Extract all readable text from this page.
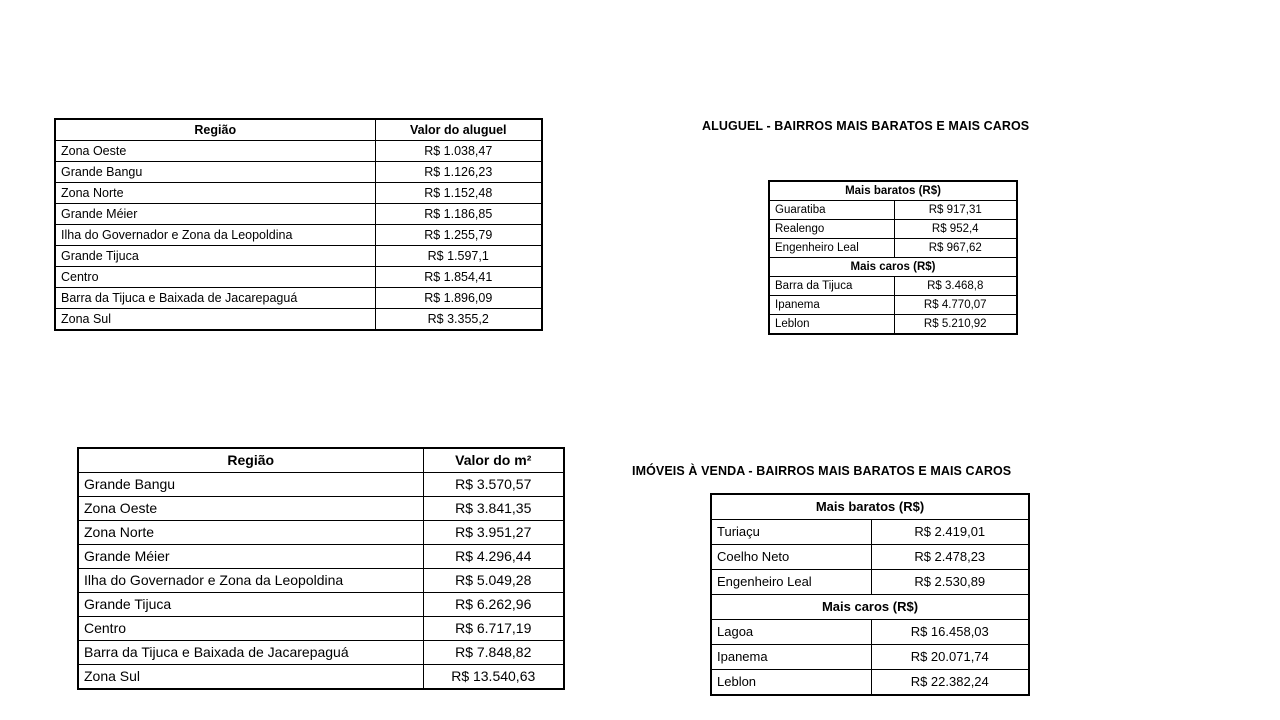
Região	Valor do aluguel
Zona Oeste	R$ 1.038,47
Grande Bangu	R$ 1.126,23
Zona Norte	R$ 1.152,48
Grande Méier	R$ 1.186,85
Ilha do Governador e Zona da Leopoldina	R$ 1.255,79
Grande Tijuca	R$ 1.597,1
Centro	R$ 1.854,41
Barra da Tijuca e Baixada de Jacarepaguá	R$ 1.896,09
Zona Sul	R$ 3.355,2
ALUGUEL - BAIRROS MAIS BARATOS E MAIS CAROS
Mais baratos (R$)	
Guaratiba	R$ 917,31
Realengo	R$ 952,4
Engenheiro Leal	R$ 967,62
Mais caros (R$)	
Barra da Tijuca	R$ 3.468,8
Ipanema	R$ 4.770,07
Leblon	R$ 5.210,92
Região	Valor do m²
Grande Bangu	R$ 3.570,57
Zona Oeste	R$ 3.841,35
Zona Norte	R$ 3.951,27
Grande Méier	R$ 4.296,44
Ilha do Governador e Zona da Leopoldina	R$ 5.049,28
Grande Tijuca	R$ 6.262,96
Centro	R$ 6.717,19
Barra da Tijuca e Baixada de Jacarepaguá	R$ 7.848,82
Zona Sul	R$ 13.540,63
IMÓVEIS À VENDA - BAIRROS MAIS BARATOS E MAIS CAROS
Mais baratos (R$)	
Turiaçu	R$ 2.419,01
Coelho Neto	R$ 2.478,23
Engenheiro Leal	R$ 2.530,89
Mais caros (R$)	
Lagoa	R$ 16.458,03
Ipanema	R$ 20.071,74
Leblon	R$ 22.382,24
